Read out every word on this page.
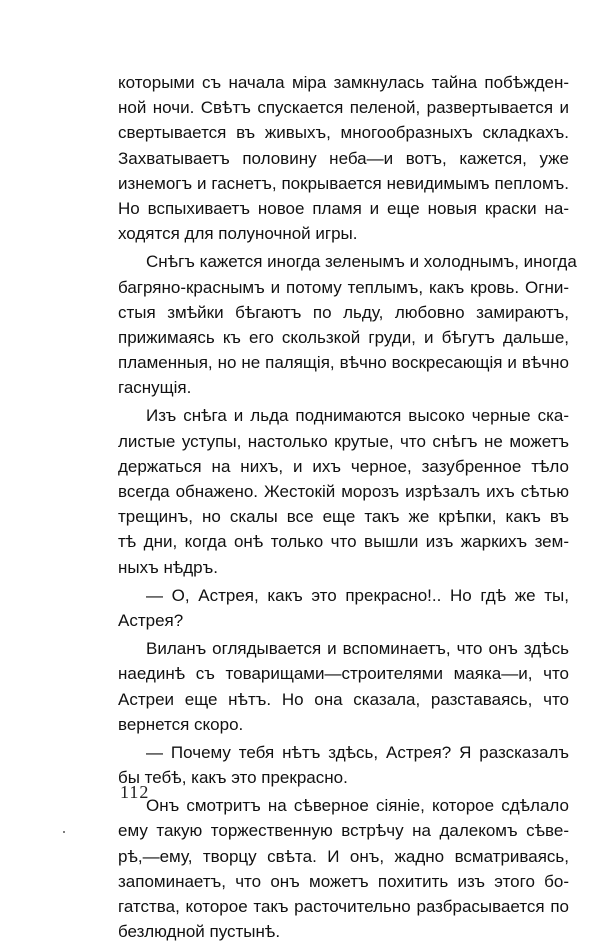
которыми съ начала міра замкнулась тайна побѣжден-
ной ночи. Свѣтъ спускается пеленой, развертывается и
свертывается въ живыхъ, многообразныхъ складкахъ.
Захватываетъ половину неба—и вотъ, кажется, уже
изнемогъ и гаснетъ, покрывается невидимымъ пепломъ.
Но вспыхиваетъ новое пламя и еще новыя краски на-
ходятся для полуночной игры.
Снѣгъ кажется иногда зеленымъ и холоднымъ, иногда
багряно-краснымъ и потому теплымъ, какъ кровь. Огни-
стыя змѣйки бѣгаютъ по льду, любовно замираютъ,
прижимаясь къ его скользкой груди, и бѣгутъ дальше,
пламенныя, но не палящія, вѣчно воскресающія и вѣчно
гаснущія.
Изъ снѣга и льда поднимаются высоко черные ска-
листые уступы, настолько крутые, что снѣгъ не можетъ
держаться на нихъ, и ихъ черное, зазубренное тѣло
всегда обнажено. Жестокій морозъ изрѣзалъ ихъ сѣтью
трещинъ, но скалы все еще такъ же крѣпки, какъ въ
тѣ дни, когда онѣ только что вышли изъ жаркихъ зем-
ныхъ нѣдръ.
— О, Астрея, какъ это прекрасно!.. Но гдѣ же ты,
Астрея?
Виланъ оглядывается и вспоминаетъ, что онъ здѣсь
наединѣ съ товарищами—строителями маяка—и, что
Астреи еще нѣтъ. Но она сказала, разставаясь, что
вернется скоро.
— Почему тебя нѣтъ здѣсь, Астрея? Я разсказалъ
бы тебѣ, какъ это прекрасно.
Онъ смотритъ на сѣверное сіяніе, которое сдѣлало
ему такую торжественную встрѣчу на далекомъ сѣве-
рѣ,—ему, творцу свѣта. И онъ, жадно всматриваясь,
запоминаетъ, что онъ можетъ похитить изъ этого бо-
гатства, которое такъ расточительно разбрасывается по
безлюдной пустынѣ.
112
